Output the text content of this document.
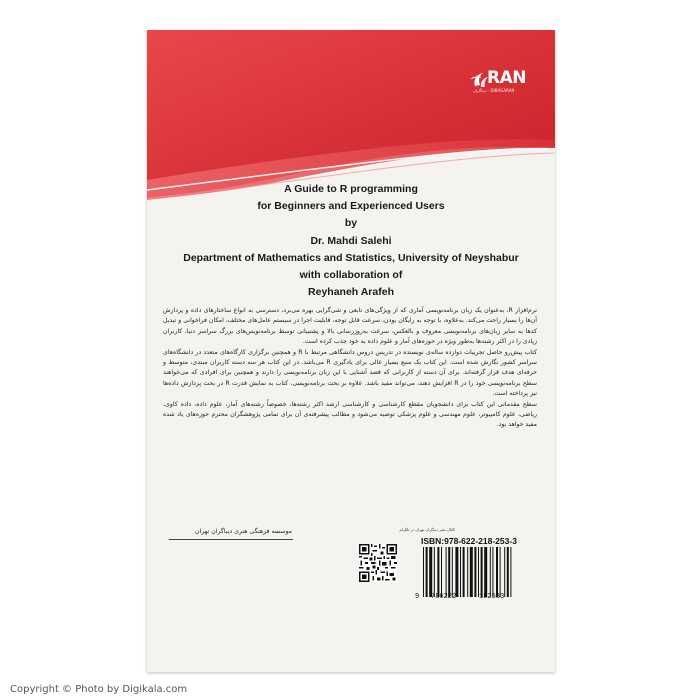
نشر RAN
دیباگران - DIBAGARAN
A Guide to R programming
for Beginners and Experienced Users
by
Dr. Mahdi Salehi
Department of Mathematics and Statistics, University of Neyshabur
with collaboration of
Reyhaneh Arafeh

نرم‌افزار R، به‌عنوان یک زبان برنامه‌نویسی آماری که از ویژگی‌های تابعی و شی‌گرایی بهره می‌برد، دسترسی به انواع ساختارهای داده و پردازش آن‌ها را بسیار راحت می‌کند. به‌علاوه، با توجه به رایگان بودن، سرعت قابل توجه، قابلیت اجرا در سیستم عامل‌های مختلف، امکان فراخوانی و تبدیل کدها به سایر زبان‌های برنامه‌نویسی معروف و بالعکس، سرعت به‌روزرسانی بالا و پشتیبانی توسط برنامه‌نویس‌های بزرگ سراسر دنیا، کاربران زیادی را در اکثر رشته‌ها به‌طور ویژه در حوزه‌های آمار و علوم داده به خود جذب کرده است.

کتاب پیش‌رو حاصل تجربیات دوازده ساله‌ی نویسنده در تدریس دروس دانشگاهی مرتبط با R و همچنین برگزاری کارگاه‌های متعدد در دانشگاه‌های سراسر کشور نگارش شده است. این کتاب یک منبع بسیار عالی برای یادگیری R می‌باشد. در این کتاب هر سه دسته کاربران مبتدی، متوسط و حرفه‌ای هدف قرار گرفته‌اند. برای آن دسته از کاربرانی که قصد آشنایی با این زبان برنامه‌نویسی را دارند و همچنین برای افرادی که می‌خواهند سطح برنامه‌نویسی خود را در R افزایش دهند، می‌تواند مفید باشد. علاوه بر بحث برنامه‌نویسی، کتاب به نمایش قدرت R در بحث پردازش داده‌ها نیز پرداخته است.

سطح مقدماتی این کتاب برای دانشجویان مقطع کارشناسی و کارشناسی ارشد اکثر رشته‌ها، خصوصاً رشته‌های آمار، علوم داده، داده کاوی، ریاضی، علوم کامپیوتر، علوم مهندسی و علوم پزشکی توصیه می‌شود و مطالب پیشرفته‌ی آن برای تمامی پژوهشگران محترم حوزه‌های یاد شده مفید خواهد بود.

موسسه فرهنگی هنری دیباگران تهران	کانال نشر دیباگران تهران در تلگرام
ISBN:978-622-218-253-3
9 786222	182533
Copyright © Photo by Digikala.com
